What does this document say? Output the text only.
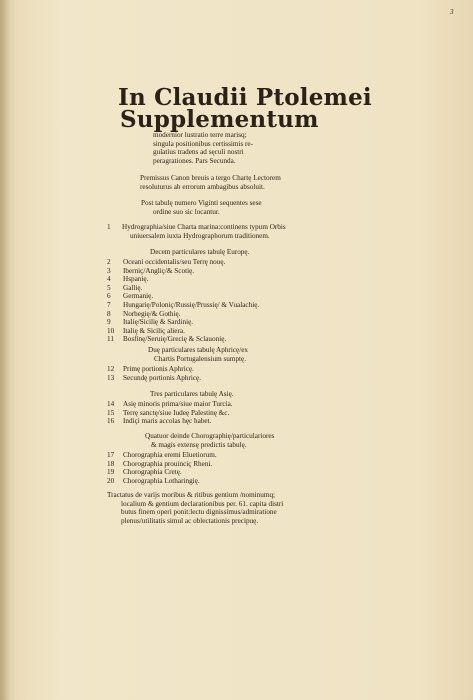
3
In Claudii Ptolemei
Supplementum
modernior lustratio terre marisq;
singula positionibus certissimis re-
gulatius tradens ad sęculi nostri
peragrationes. Pars Secunda.
Premissus Canon breuis a tergo Chartę Lectorem
resoluturus ab errorum ambagibus absoluit.
Post tabulę numero Viginti sequentes sese
ordine suo sic locantur.
1	Hydrographia/siue Charta marina:continens typum Orbis
uniuersalem iuxta Hydrographorum traditionem.
Decem particulares tabulę Europę.
2 Oceani occidentalis/seu Terrę nouę.
3 Iberniç/Angliç/& Scotię.
4 Hspanię.
5 Gallię.
6 Germanię.
7 Hungarię/Poloniç/Russię/Prussię/ & Vualachię.
8 Norbegię/& Gothię.
9 Italię/Sicilię & Sardinię.
10 Italię & Siciliç aliera.
11 Bosfinę/Seruię/Grecię & Sclauonię.
Duę particulares tabulę Aphricę/ex
Chartis Portugalensium sumptę.
12 Primę portionis Aphricę.
13 Secundę portionis Aphricę.
Tres particulares tabulę Asię.
14 Asię minoris prima/siue maior Turcia.
15 Terrę sanctę/siue Iudeę Palestinę &c.
16 Indiçi maris accolas hęc habet.
Quatuor deinde Chorographię/particulariores
& magis extensę predictis tabulę.
17 Chorographia eremi Eluetiorum.
18 Chorographia prouinciç Rheni.
19 Chorographia Cretę.
20 Chorographia Lotharingię.
Tractatus de varijs moribus & ritibus gentium /nominumq;
localium & gentium declarationibus per. 61. capita distri
butus finem operi ponit:lectu dignissimus/admiratione
plenus/utilitatis simul ac oblectationis precipuę.
